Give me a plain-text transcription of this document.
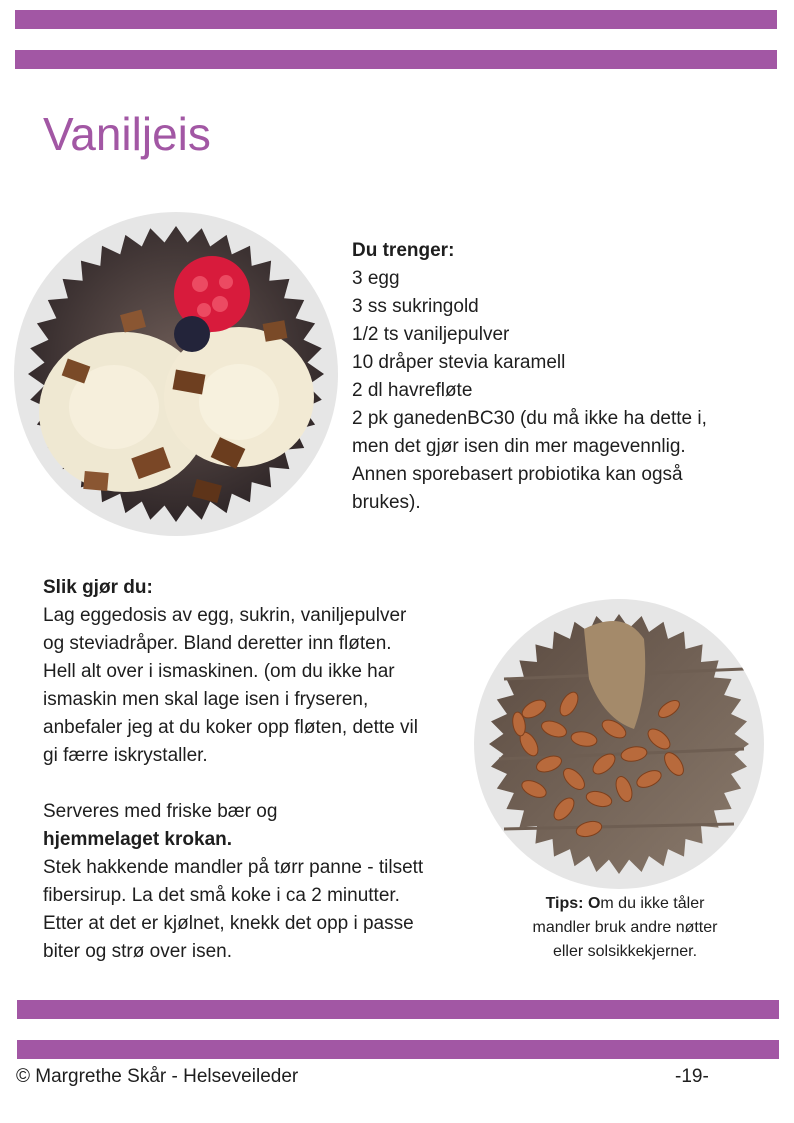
Vaniljeis

Du trenger:

3 egg

3 ss sukringold

1/2 ts vaniljepulver

10 dråper stevia karamell

2 dl havrefløte

2 pk ganedenBC30 (du må ikke ha dette i,

men det gjør isen din mer magevennlig.

Annen sporebasert probiotika kan også

brukes).

Slik gjør du:

Lag eggedosis av egg, sukrin, vaniljepulver

og steviadråper. Bland deretter inn fløten.

Hell alt over i ismaskinen. (om du ikke har

ismaskin men skal lage isen i fryseren,

anbefaler jeg at du koker opp fløten, dette vil

gi færre iskrystaller.

Serveres med friske bær og

hjemmelaget krokan.

Stek hakkende mandler på tørr panne - tilsett

fibersirup. La det små koke i ca 2 minutter.

Etter at det er kjølnet, knekk det opp i passe

biter og strø over isen.

Tips: Om du ikke tåler
mandler bruk andre nøtter
eller solsikkekjerner.
© Margrethe Skår - Helseveileder	-19-
